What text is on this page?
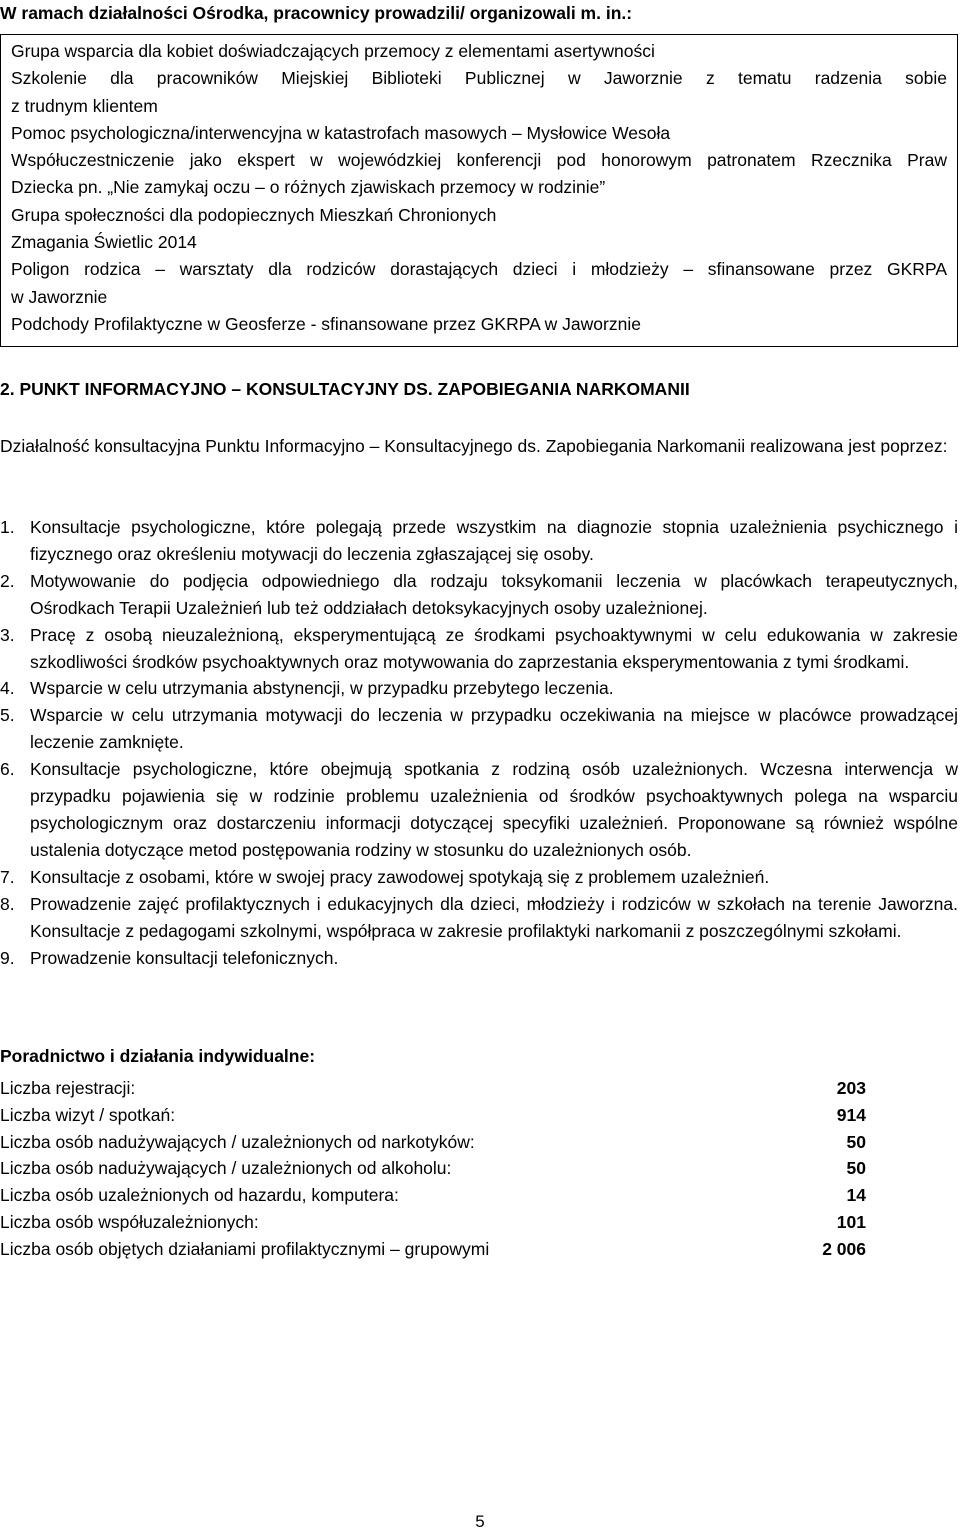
W ramach działalności Ośrodka, pracownicy prowadzili/ organizowali m. in.:
Grupa wsparcia dla kobiet doświadczających przemocy z elementami asertywności
Szkolenie dla pracowników Miejskiej Biblioteki Publicznej w Jaworznie z tematu radzenia sobie
z trudnym klientem
Pomoc psychologiczna/interwencyjna w katastrofach masowych – Mysłowice Wesoła
Współuczestniczenie jako ekspert w wojewódzkiej konferencji pod honorowym patronatem Rzecznika Praw
Dziecka pn. „Nie zamykaj oczu – o różnych zjawiskach przemocy w rodzinie”
Grupa społeczności dla podopiecznych Mieszkań Chronionych
Zmagania Świetlic 2014
Poligon rodzica – warsztaty dla rodziców dorastających dzieci i młodzieży – sfinansowane przez GKRPA
w Jaworznie
Podchody Profilaktyczne w Geosferze - sfinansowane przez GKRPA w Jaworznie
2. PUNKT INFORMACYJNO – KONSULTACYJNY DS. ZAPOBIEGANIA NARKOMANII
Działalność konsultacyjna Punktu Informacyjno – Konsultacyjnego ds. Zapobiegania Narkomanii realizowana jest poprzez:
1. Konsultacje psychologiczne, które polegają przede wszystkim na diagnozie stopnia uzależnienia psychicznego i fizycznego oraz określeniu motywacji do leczenia zgłaszającej się osoby.
2. Motywowanie do podjęcia odpowiedniego dla rodzaju toksykomanii leczenia w placówkach terapeutycznych, Ośrodkach Terapii Uzależnień lub też oddziałach detoksykacyjnych osoby uzależnionej.
3. Pracę z osobą nieuzależnioną, eksperymentującą ze środkami psychoaktywnymi w celu edukowania w zakresie szkodliwości środków psychoaktywnych oraz motywowania do zaprzestania eksperymentowania z tymi środkami.
4. Wsparcie w celu utrzymania abstynencji, w przypadku przebytego leczenia.
5. Wsparcie w celu utrzymania motywacji do leczenia w przypadku oczekiwania na miejsce w placówce prowadzącej leczenie zamknięte.
6. Konsultacje psychologiczne, które obejmują spotkania z rodziną osób uzależnionych. Wczesna interwencja w przypadku pojawienia się w rodzinie problemu uzależnienia od środków psychoaktywnych polega na wsparciu psychologicznym oraz dostarczeniu informacji dotyczącej specyfiki uzależnień. Proponowane są również wspólne ustalenia dotyczące metod postępowania rodziny w stosunku do uzależnionych osób.
7. Konsultacje z osobami, które w swojej pracy zawodowej spotykają się z problemem uzależnień.
8. Prowadzenie zajęć profilaktycznych i edukacyjnych dla dzieci, młodzieży i rodziców w szkołach na terenie Jaworzna. Konsultacje z pedagogami szkolnymi, współpraca w zakresie profilaktyki narkomanii z poszczególnymi szkołami.
9. Prowadzenie konsultacji telefonicznych.
Poradnictwo i działania indywidualne:
Liczba rejestracji:	203
Liczba wizyt / spotkań:	914
Liczba osób nadużywających / uzależnionych od narkotyków:	50
Liczba osób nadużywających / uzależnionych od alkoholu:	50
Liczba osób uzależnionych od hazardu, komputera:	14
Liczba osób współuzależnionych:	101
Liczba osób objętych działaniami profilaktycznymi – grupowymi	2 006
5
